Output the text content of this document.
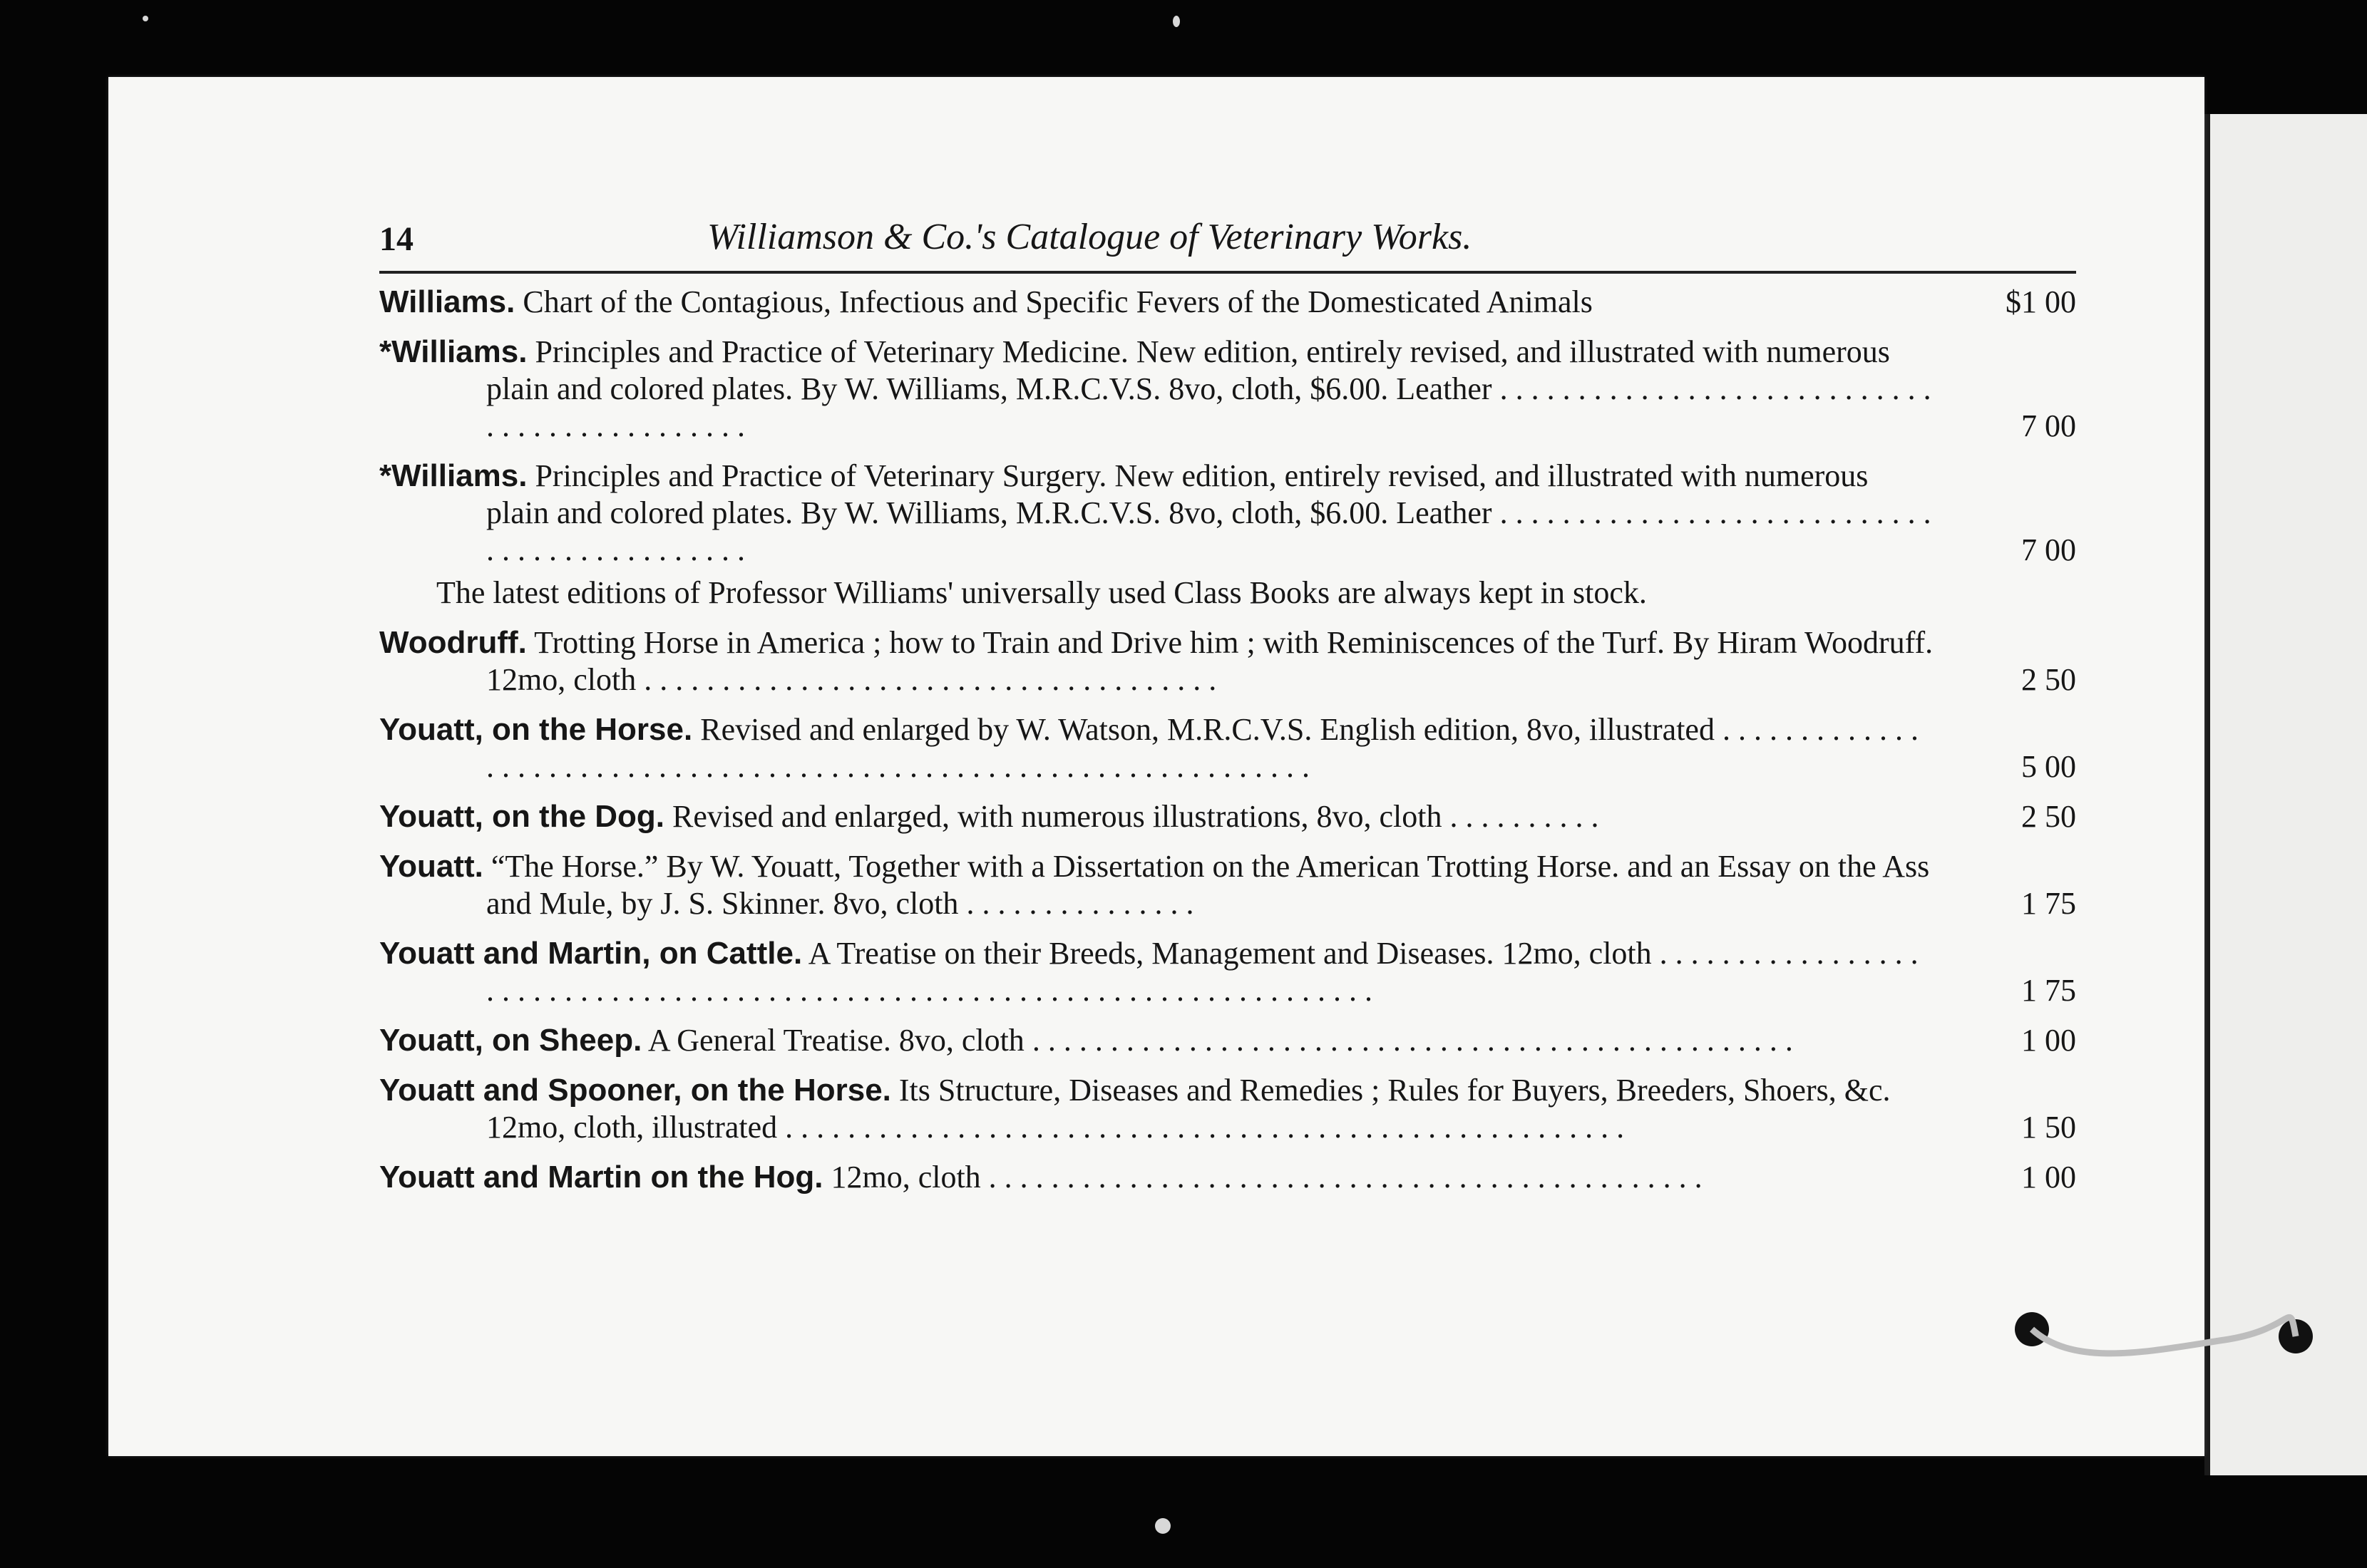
14	Williamson & Co.'s Catalogue of Veterinary Works.

Williams. Chart of the Contagious, Infectious and Specific Fevers of the Domesticated Animals	$1 00

*Williams. Principles and Practice of Veterinary Medicine. New edition, entirely revised, and illustrated with numerous plain and colored plates. By W. Williams, M.R.C.V.S. 8vo, cloth, $6.00. Leather . . . . . . . . . . . . . . . . . . . . . . . . . . . . . . . . . . . . . . . . . . . . .	7 00

*Williams. Principles and Practice of Veterinary Surgery. New edition, entirely revised, and illustrated with numerous plain and colored plates. By W. Williams, M.R.C.V.S. 8vo, cloth, $6.00. Leather . . . . . . . . . . . . . . . . . . . . . . . . . . . . . . . . . . . . . . . . . . . . .	7 00
The latest editions of Professor Williams' universally used Class Books are always kept in stock.

Woodruff. Trotting Horse in America ; how to Train and Drive him ; with Reminiscences of the Turf. By Hiram Woodruff. 12mo, cloth . . . . . . . . . . . . . . . . . . . . . . . . . . . . . . . . . . . . .	2 50

Youatt, on the Horse. Revised and enlarged by W. Watson, M.R.C.V.S. English edition, 8vo, illustrated . . . . . . . . . . . . . . . . . . . . . . . . . . . . . . . . . . . . . . . . . . . . . . . . . . . . . . . . . . . . . . . . . .	5 00

Youatt, on the Dog. Revised and enlarged, with numerous illustrations, 8vo, cloth . . . . . . . . . .	2 50

Youatt. “The Horse.” By W. Youatt, Together with a Dissertation on the American Trotting Horse. and an Essay on the Ass and Mule, by J. S. Skinner. 8vo, cloth . . . . . . . . . . . . . . .	1 75

Youatt and Martin, on Cattle. A Treatise on their Breeds, Management and Diseases. 12mo, cloth . . . . . . . . . . . . . . . . . . . . . . . . . . . . . . . . . . . . . . . . . . . . . . . . . . . . . . . . . . . . . . . . . . . . . . . . . .	1 75

Youatt, on Sheep. A General Treatise. 8vo, cloth . . . . . . . . . . . . . . . . . . . . . . . . . . . . . . . . . . . . . . . . . . . . . . . . .	1 00

Youatt and Spooner, on the Horse. Its Structure, Diseases and Remedies ; Rules for Buyers, Breeders, Shoers, &c. 12mo, cloth, illustrated . . . . . . . . . . . . . . . . . . . . . . . . . . . . . . . . . . . . . . . . . . . . . . . . . . . . . .	1 50

Youatt and Martin on the Hog. 12mo, cloth . . . . . . . . . . . . . . . . . . . . . . . . . . . . . . . . . . . . . . . . . . . . . .	1 00
